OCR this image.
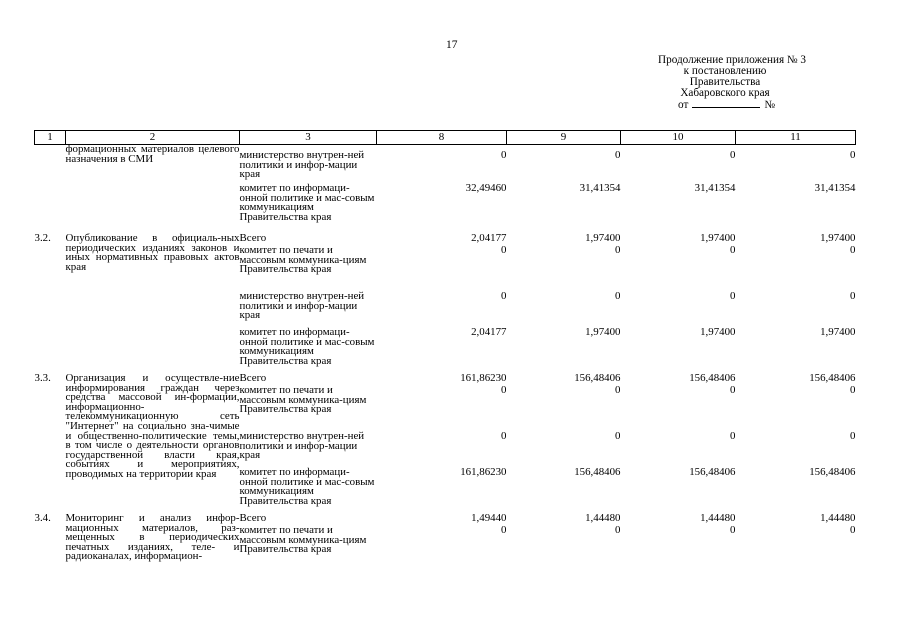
17
Продолжение приложения № 3
к постановлению
Правительства
Хабаровского края
от	№
1	2	3	8	9	10	11
	формационных материалов целевого назначения в СМИ	министерство внутрен-ней политики и инфор-мации края	0	0	0	0
		комитет по информаци-онной политике и мас-совым коммуникациям Правительства края	32,49460	31,41354	31,41354	31,41354
3.2.	Опубликование в официаль-ных периодических изданиях законов и иных нормативных правовых актов края	Всего	2,04177	1,97400	1,97400	1,97400
		комитет по печати и массовым коммуника-циям Правительства края	0	0	0	0
		министерство внутрен-ней политики и инфор-мации края	0	0	0	0
		комитет по информаци-онной политике и мас-совым коммуникациям Правительства края	2,04177	1,97400	1,97400	1,97400
3.3.	Организация и осуществле-ние информирования граждан через средства массовой ин-формации, информационно-телекоммуникационную сеть "Интернет" на социально зна-чимые и общественно-политические темы, в том числе о деятельности органов государственной власти края, событиях и мероприятиях, проводимых на территории края	Всего	161,86230	156,48406	156,48406	156,48406
		комитет по печати и массовым коммуника-циям Правительства края	0	0	0	0
		министерство внутрен-ней политики и инфор-мации края	0	0	0	0
		комитет по информаци-онной политике и мас-совым коммуникациям Правительства края	161,86230	156,48406	156,48406	156,48406
3.4.	Мониторинг и анализ инфор-мационных материалов, раз-мещенных в периодических печатных изданиях, теле- и радиоканалах, информацион-	Всего	1,49440	1,44480	1,44480	1,44480
		комитет по печати и массовым коммуника-циям Правительства края	0	0	0	0
